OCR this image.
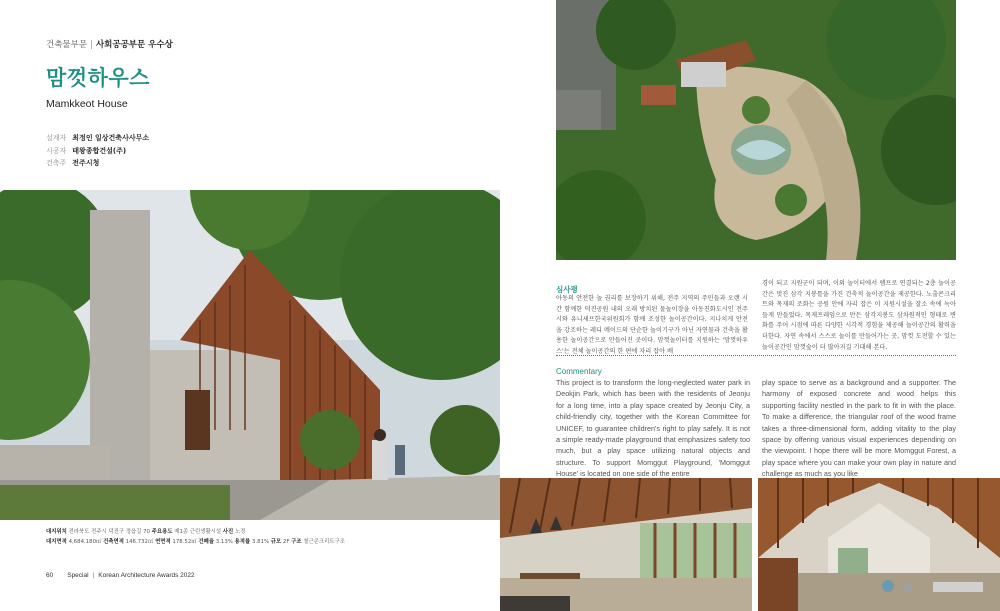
건축물부문 | 사회공공부문 우수상
맘껏하우스
Mamkkeot House
설계자 최정인 일상건축사사무소
시공자 태왕종합건설(주)
건축주 전주시청
심사평
아동의 안전한 놀 권리를 보장하기 위해, 전주 지역의 주민들과 오랜 시간 함께한 덕진공원 내의 오래 방치된 물놀이장을 아동친화도시인 전주시와 유니세프한국위원회가 함께 조성한 놀이공간이다. 지나치게 안전을 강조하는 레디 메이드의 단순한 놀이기구가 아닌 자연물과 건축을 활용한 놀이공간으로 만들어진 곳이다. 맘껏놀이터를 지원하는 '맘껏하우스'는 전체 놀이공간의 한 편에 자리 잡아 배
경이 되고 지원군이 되며, 이외 놀이터에서 램프로 연결되는 2층 놀이공간은 멋진 삼각 지붕틀을 가진 건축적 놀이공간을 제공한다. 노출콘크리트와 목재의 조화는 공원 안에 자리 잡은 이 지원시설을 잘소 속에 녹아들게 만들었다. 목재프레임으로 만든 삼각지붕도 삼차원적인 형태로 변화를 주어 시점에 따른 다양한 시각적 경험을 제공해 놀이공간의 활력을 더한다. 자연 속에서 스스로 놀이를 만들어가는 곳, 맘껏 도전할 수 있는 놀이공간인 맘껏숲이 더 많아지길 기대해 본다.
Commentary
This project is to transform the long-neglected water park in Deokjin Park, which has been with the residents of Jeonju for a long time, into a play space created by Jeonju City, a child-friendly city, together with the Korean Committee for UNICEF, to guarantee children's right to play safely. It is not a simple ready-made playground that emphasizes safety too much, but a play space utilizing natural objects and structure. To support Momggut Playground, 'Momggut House' is located on one side of the entire
play space to serve as a background and a supporter. The harmony of exposed concrete and wood helps this supporting facility nestled in the park to fit in with the place. To make a difference, the triangular roof of the wood frame takes a three-dimensional form, adding vitality to the play space by offering various visual experiences depending on the viewpoint. I hope there will be more Momggut Forest, a play space where you can make your own play in nature and challenge as much as you like
대지위치 전라북도 전주시 덕진구 정읍길 70 주요용도 제1종 근린생활시설 사진 노경
대지면적 4,684.180㎡ 건축면적 146.732㎡ 연면적 178.52㎡ 건폐율 3.13% 용적률 3.81% 규모 2F 구조 철근콘크리트구조
60 Special | Korean Architecture Awards 2022
